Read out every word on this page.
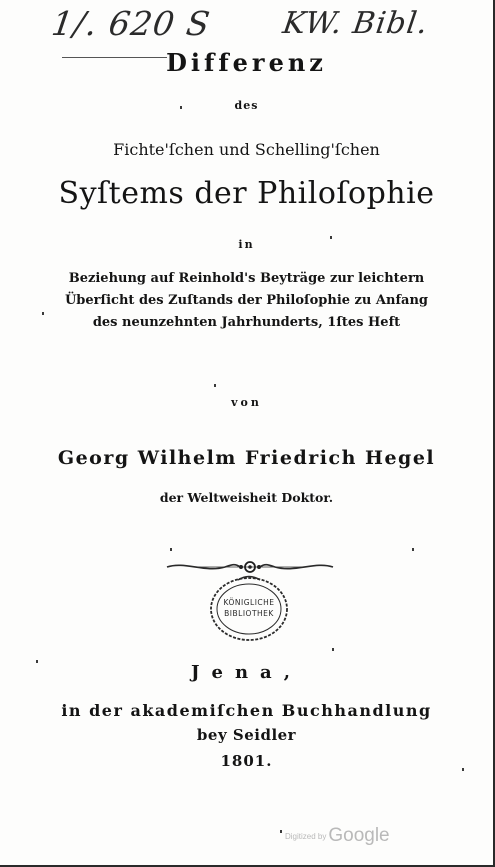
1/. 620 S KW. Bibl.
Differenz
des
Fichte'ſchen und Schelling'ſchen
Syſtems der Philoſophie
in
Beziehung auf Reinhold's Beyträge zur leichtern
Überſicht des Zuſtands der Philoſophie zu Anfang
des neunzehnten Jahrhunderts, 1ſtes Heft
von
Georg Wilhelm Friedrich Hegel
der Weltweisheit Doktor.
KÖNIGLICHE
BIBLIOTHEK
Jena,
in der akademiſchen Buchhandlung
bey Seidler
1801.
Digitized by Google
